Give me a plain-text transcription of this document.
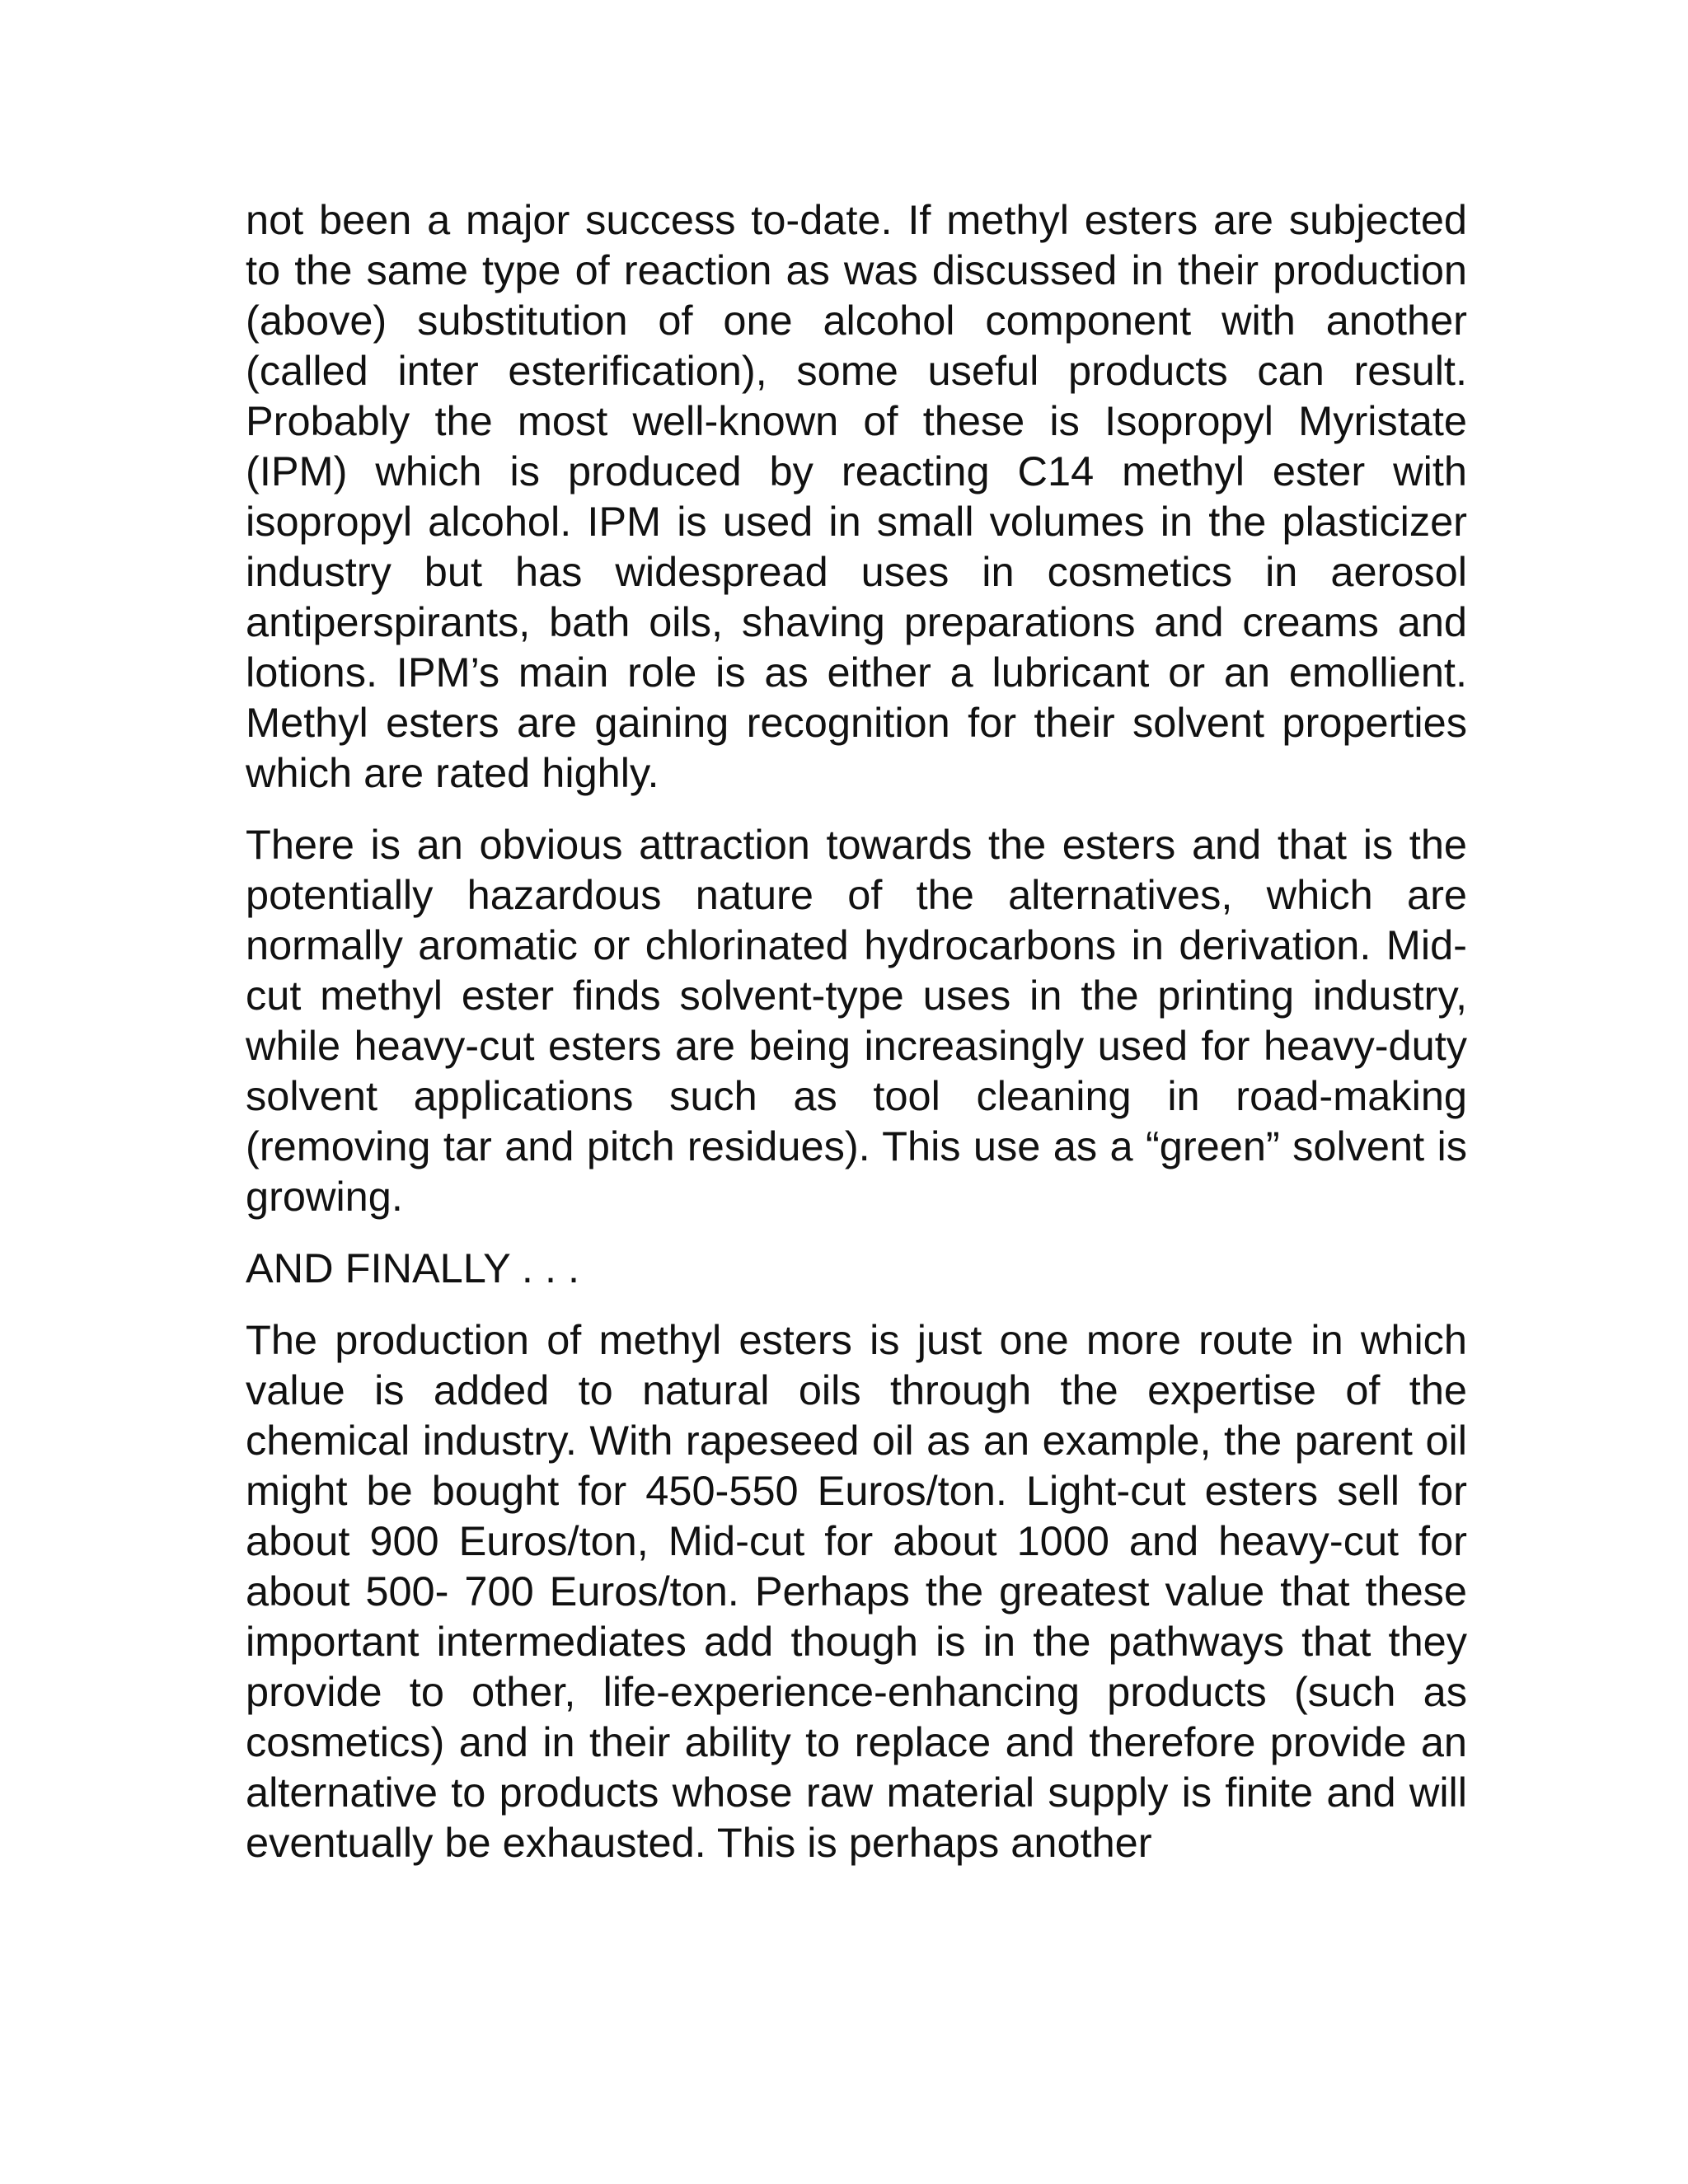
not been a major success to-date. If methyl esters are subjected to the same type of reaction as was discussed in their production (above) substitution of one alcohol component with another (called inter esterification), some useful products can result. Probably the most well-known of these is Isopropyl Myristate (IPM) which is produced by reacting C14 methyl ester with isopropyl alcohol. IPM is used in small volumes in the plasticizer industry but has widespread uses in cosmetics in aerosol antiperspirants, bath oils, shaving preparations and creams and lotions. IPM’s main role is as either a lubricant or an emollient. Methyl esters are gaining recognition for their solvent properties which are rated highly.

There is an obvious attraction towards the esters and that is the potentially hazardous nature of the alternatives, which are normally aromatic or chlorinated hydrocarbons in derivation. Mid-cut methyl ester finds solvent-type uses in the printing industry, while heavy-cut esters are being increasingly used for heavy-duty solvent applications such as tool cleaning in road-making (removing tar and pitch residues). This use as a “green” solvent is growing.

AND FINALLY . . .

The production of methyl esters is just one more route in which value is added to natural oils through the expertise of the chemical industry. With rapeseed oil as an example, the parent oil might be bought for 450-550 Euros/ton. Light-cut esters sell for about 900 Euros/ton, Mid-cut for about 1000 and heavy-cut for about 500- 700 Euros/ton. Perhaps the greatest value that these important intermediates add though is in the pathways that they provide to other, life-experience-enhancing products (such as cosmetics) and in their ability to replace and therefore provide an alternative to products whose raw material supply is finite and will eventually be exhausted. This is perhaps another
